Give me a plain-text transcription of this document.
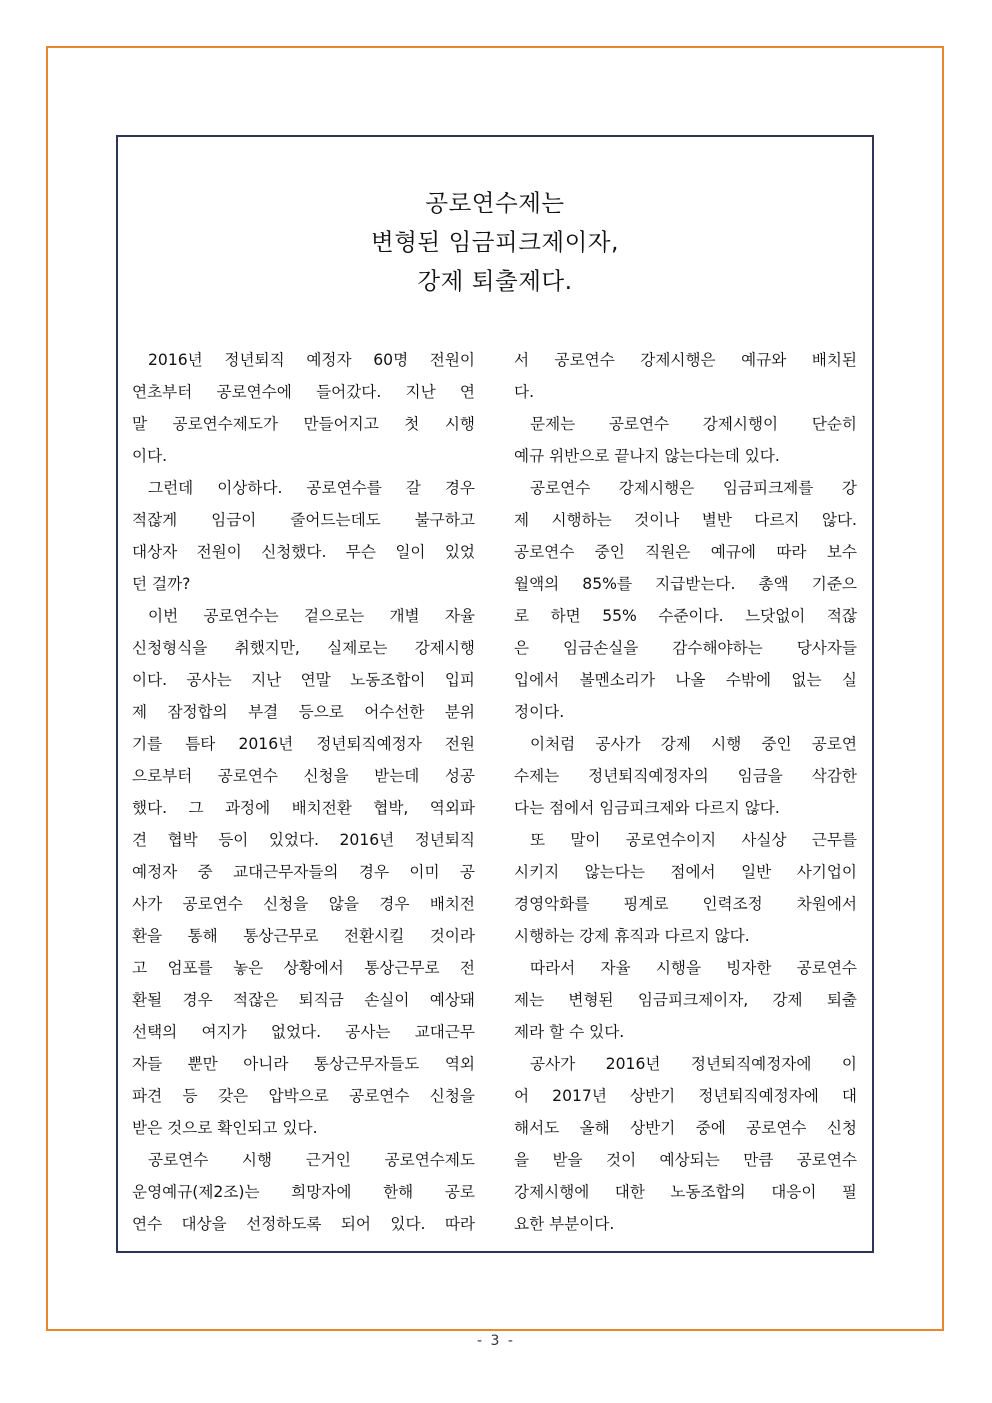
공로연수제는
변형된 임금피크제이자,
강제 퇴출제다.
2016년 정년퇴직 예정자 60명 전원이
연초부터 공로연수에 들어갔다. 지난 연
말 공로연수제도가 만들어지고 첫 시행
이다.
그런데 이상하다. 공로연수를 갈 경우
적잖게 임금이 줄어드는데도 불구하고
대상자 전원이 신청했다. 무슨 일이 있었
던 걸까?
이번 공로연수는 겉으로는 개별 자율
신청형식을 취했지만, 실제로는 강제시행
이다. 공사는 지난 연말 노동조합이 입피
제 잠정합의 부결 등으로 어수선한 분위
기를 틈타 2016년 정년퇴직예정자 전원
으로부터 공로연수 신청을 받는데 성공
했다. 그 과정에 배치전환 협박, 역외파
견 협박 등이 있었다. 2016년 정년퇴직
예정자 중 교대근무자들의 경우 이미 공
사가 공로연수 신청을 않을 경우 배치전
환을 통해 통상근무로 전환시킬 것이라
고 엄포를 놓은 상황에서 통상근무로 전
환될 경우 적잖은 퇴직금 손실이 예상돼
선택의 여지가 없었다. 공사는 교대근무
자들 뿐만 아니라 통상근무자들도 역외
파견 등 갖은 압박으로 공로연수 신청을
받은 것으로 확인되고 있다.
공로연수 시행 근거인 공로연수제도
운영예규(제2조)는 희망자에 한해 공로
연수 대상을 선정하도록 되어 있다. 따라
서 공로연수 강제시행은 예규와 배치된
다.
문제는 공로연수 강제시행이 단순히
예규 위반으로 끝나지 않는다는데 있다.
공로연수 강제시행은 임금피크제를 강
제 시행하는 것이나 별반 다르지 않다.
공로연수 중인 직원은 예규에 따라 보수
월액의 85%를 지급받는다. 총액 기준으
로 하면 55% 수준이다. 느닷없이 적잖
은 임금손실을 감수해야하는 당사자들
입에서 볼멘소리가 나올 수밖에 없는 실
정이다.
이처럼 공사가 강제 시행 중인 공로연
수제는 정년퇴직예정자의 임금을 삭감한
다는 점에서 임금피크제와 다르지 않다.
또 말이 공로연수이지 사실상 근무를
시키지 않는다는 점에서 일반 사기업이
경영악화를 핑계로 인력조정 차원에서
시행하는 강제 휴직과 다르지 않다.
따라서 자율 시행을 빙자한 공로연수
제는 변형된 임금피크제이자, 강제 퇴출
제라 할 수 있다.
공사가 2016년 정년퇴직예정자에 이
어 2017년 상반기 정년퇴직예정자에 대
해서도 올해 상반기 중에 공로연수 신청
을 받을 것이 예상되는 만큼 공로연수
강제시행에 대한 노동조합의 대응이 필
요한 부분이다.
- 3 -
